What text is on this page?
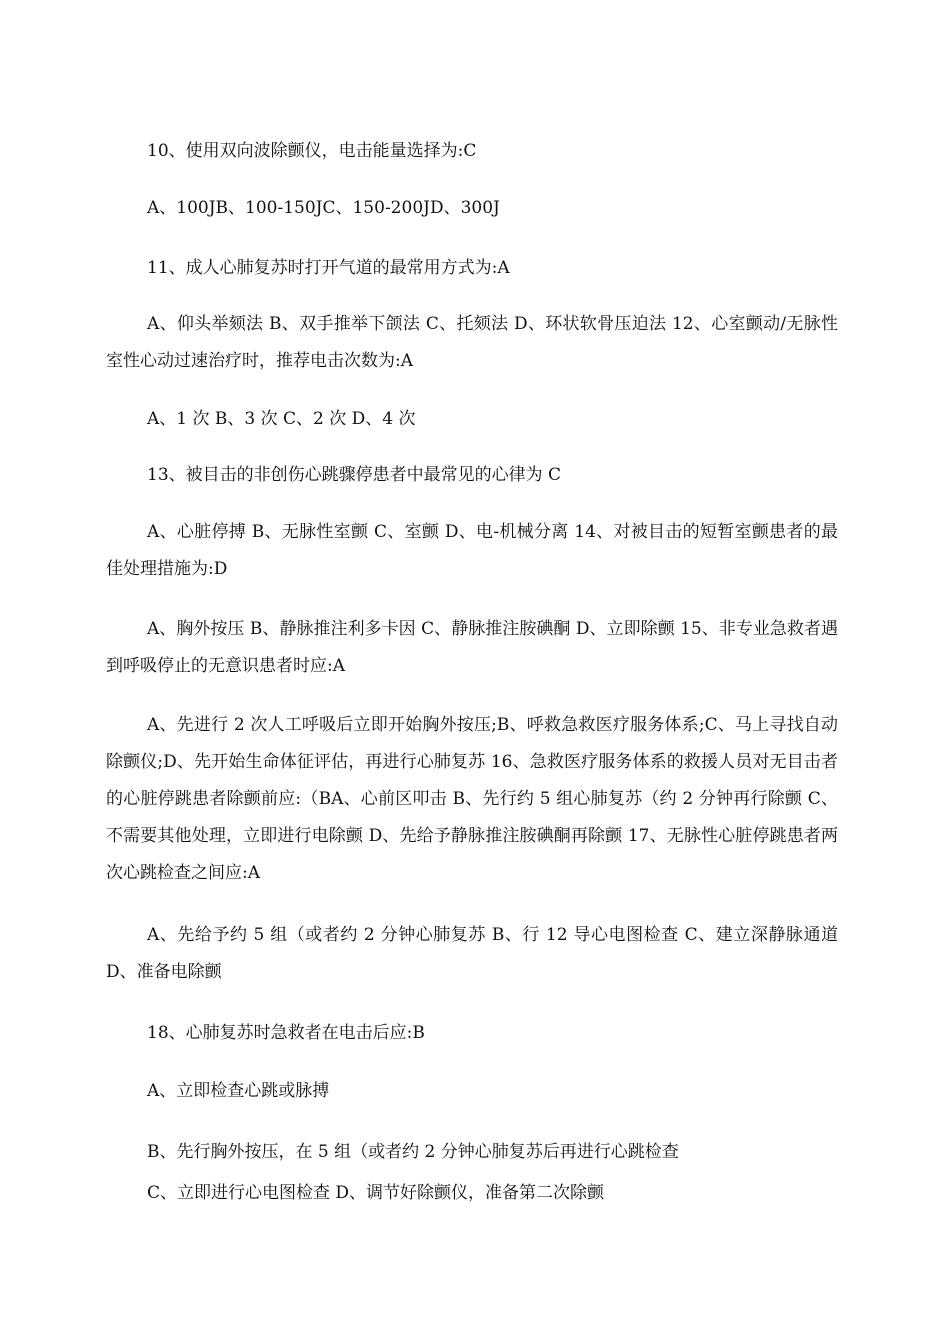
10、使用双向波除颤仪，电击能量选择为:C

A、100JB、100-150JC、150-200JD、300J

11、成人心肺复苏时打开气道的最常用方式为:A

A、仰头举颏法 B、双手推举下颌法 C、托颏法 D、环状软骨压迫法 12、心室颤动/无脉性室性心动过速治疗时，推荐电击次数为:A

A、1 次 B、3 次 C、2 次 D、4 次

13、被目击的非创伤心跳骤停患者中最常见的心律为 C

A、心脏停搏 B、无脉性室颤 C、室颤 D、电-机械分离 14、对被目击的短暂室颤患者的最佳处理措施为:D

A、胸外按压 B、静脉推注利多卡因 C、静脉推注胺碘酮 D、立即除颤 15、非专业急救者遇到呼吸停止的无意识患者时应:A

A、先进行 2 次人工呼吸后立即开始胸外按压;B、呼救急救医疗服务体系;C、马上寻找自动除颤仪;D、先开始生命体征评估，再进行心肺复苏 16、急救医疗服务体系的救援人员对无目击者的心脏停跳患者除颤前应:（BA、心前区叩击 B、先行约 5 组心肺复苏（约 2 分钟再行除颤 C、不需要其他处理，立即进行电除颤 D、先给予静脉推注胺碘酮再除颤 17、无脉性心脏停跳患者两次心跳检查之间应:A

A、先给予约 5 组（或者约 2 分钟心肺复苏 B、行 12 导心电图检查 C、建立深静脉通道 D、准备电除颤

18、心肺复苏时急救者在电击后应:B

A、立即检查心跳或脉搏

B、先行胸外按压，在 5 组（或者约 2 分钟心肺复苏后再进行心跳检查

C、立即进行心电图检查 D、调节好除颤仪，准备第二次除颤
